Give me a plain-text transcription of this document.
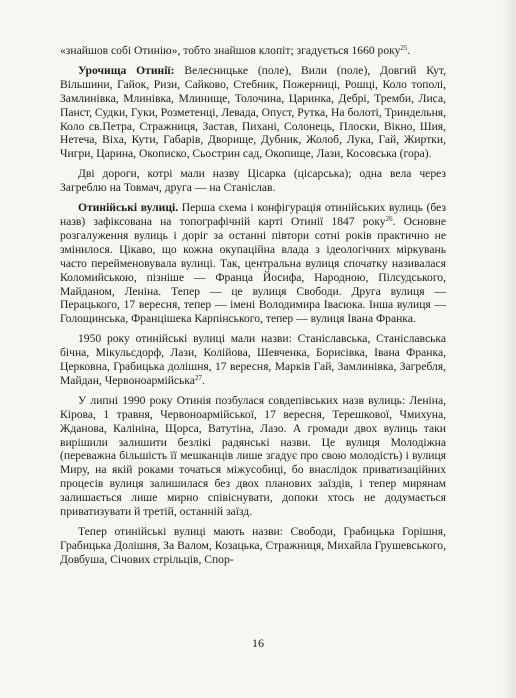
«знайшов собі Отинію», тобто знайшов клопіт; згадується 1660 року$^{25}$.

Урочища Отинії: Велесницьке (поле), Вили (поле), Довгий Кут, Вільшини, Гайок, Ризи, Сайково, Стебник, Пожерниці, Рошці, Коло тополі, Замлинівка, Млинівка, Млинище, Толочина, Царинка, Дебрі, Тремби, Лиса, Панст, Судки, Гуки, Розметенці, Левада, Опуст, Рутка, На болоті, Триндельня, Коло св.Петра, Стражниця, Застав, Пихані, Солонець, Плоски, Вікно, Шия, Нетеча, Віха, Кути, Габарів, Дворище, Дубник, Жолоб, Лука, Гай, Жиртки, Чигри, Царина, Окописко, Сьострин сад, Окопище, Лази, Косовська (гора).

Дві дороги, котрі мали назву Цісарка (цісарська); одна вела через Загреблю на Товмач, друга — на Станіслав.

Отинійські вулиці. Перша схема і конфігурація отинійських вулиць (без назв) зафіксована на топографічній карті Отинії 1847 року$^{26}$. Основне розгалуження вулиць і доріг за останні півтори сотні років практично не змінилося. Цікаво, що кожна окупаційна влада з ідеологічних міркувань часто перейменовувала вулиці. Так, центральна вулиця спочатку називалася Коломийською, пізніше — Франца Йосифа, Народною, Пілсудського, Майданом, Леніна. Тепер — це вулиця Свободи. Друга вулиця — Перацького, 17 вересня, тепер — імені Володимира Івасюка. Інша вулиця — Голощинська, Францішека Карпінського, тепер — вулиця Івана Франка.

1950 року отинійські вулиці мали назви: Станіславська, Станіславська бічна, Мікульсдорф, Лази, Колійова, Шевченка, Борисівка, Івана Франка, Церковна, Грабицька долішня, 17 вересня, Марків Гай, Замлинівка, Загребля, Майдан, Червоноармійська$^{27}$.

У липні 1990 року Отинія позбулася совдепівських назв вулиць: Леніна, Кірова, 1 травня, Червоноармійської, 17 вересня, Терешкової, Чмихуна, Жданова, Калініна, Щорса, Ватутіна, Лазо. А громади двох вулиць таки вирішили залишити безлікі радянські назви. Це вулиця Молодіжна (переважна більшість її мешканців лише згадує про свою молодість) і вулиця Миру, на якій роками точаться міжусобиці, бо внаслідок приватизаційних процесів вулиця залишилася без двох планових заїздів, і тепер мирянам залишається лише мирно співіснувати, допоки хтось не додумається приватизувати й третій, останній заїзд.

Тепер отинійські вулиці мають назви: Свободи, Грабицька Горішня, Грабицька Долішня, За Валом, Козацька, Стражниця, Михайла Грушевського, Довбуша, Січових стрільців, Спор-

16
